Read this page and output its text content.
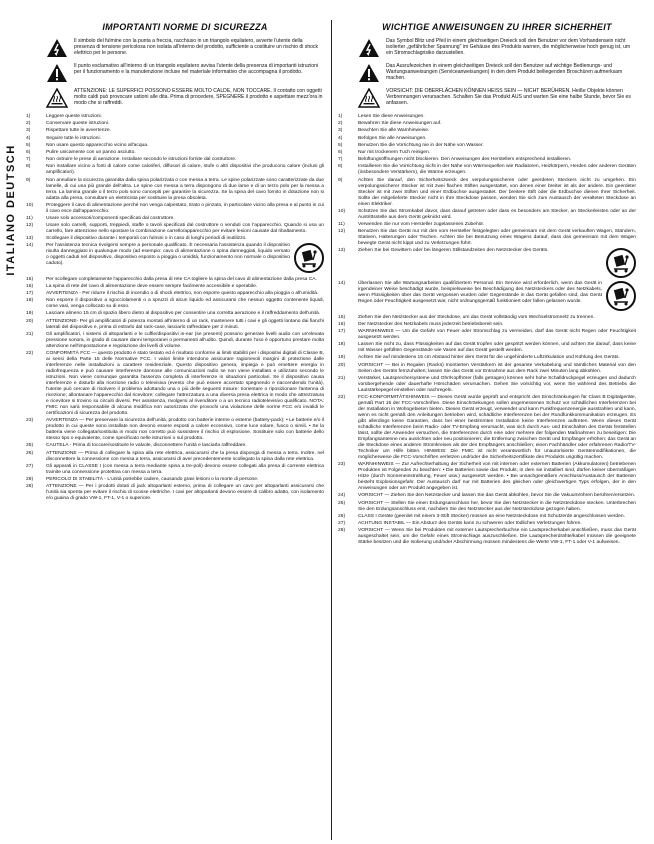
ITALIANO DEUTSCH
IMPORTANTI NORME DI SICUREZZA
Il simbolo del fulmine con la punta a freccia, racchiuso in un triangolo equilatero, avverte l'utente della presenza di tensione pericolosa non isolata all'interno del prodotto, sufficiente a costituire un rischio di shock elettrico per le persone.
Il punto esclamativo all'interno di un triangolo equilatero avvisa l'utente della presenza di importanti istruzioni per il funzionamento e la manutenzione incluse nel materiale informativo che accompagna il prodotto.
ATTENZIONE: LE SUPERFICI POSSONO ESSERE MOLTO CALDE, NON TOCCARE. Il contatto con oggetti molto caldi può provocare ustioni alle dita. Prima di procedere, SPEGNERE il prodotto e aspettare mezz'ora in modo che si raffreddi.
1)	Leggere queste istruzioni.
2)	Conservare queste istruzioni.
3)	Rispettare tutte le avvertenze.
4)	Seguire tutte le istruzioni.
5)	Non usare questo apparecchio vicino all'acqua.
6)	Pulire unicamente con un panno asciutto.
7)	Non ostruire le prese di aerazione. Installare secondo le istruzioni fornite dal costruttore.
8)	Non installare vicino a fonti di calore come caloriferi, diffusori di calore, stufe o altri dispositivi che producono calore (inclusi gli amplificatori).
9)	Non annullare la sicurezza garantita dalla spina polarizzata o con messa a terra. Le spine polarizzate sono caratterizzate da due lamelle, di cui una più grande dell'altra. Le spine con messa a terra dispongono di due lame e di un terzo polo per la messa a terra. La lamina grande o il terzo polo sono concepiti per garantire la sicurezza. Se la spina del cavo fornito in dotazione non si adatta alla presa, consultare un elettricista per sostituire la presa obsoleta.
10)	Proteggere il cavo di alimentazione perché non venga calpestato, tirato o pinzato, in particolare vicino alla presa e al punto in cui il cavo esce dall'apparecchio.
11)	Usare solo accessori/componenti specificati dal costruttore.
12)	Usare solo carrelli, supporti, treppiedi, staffe o tavoli specificati dal costruttore o venduti con l'apparecchio. Quando si usa un carrello, fare attenzione nello spostare la combinazione carrello/apparecchio per evitare lesioni causate dal ribaltamento.
13)	Scollegare il dispositivo durante i temporali con fulmini o in caso di lunghi periodi di inutilizzo.
14)	Per l'assistenza tecnica rivolgersi sempre a personale qualificato. È necessaria l'assistenza quando il dispositivo risulta danneggiato in qualunque modo (ad esempio: cavo di alimentazione o spina danneggiati, liquido versato o oggetti caduti nel dispositivo, dispositivo esposto a pioggia o umidità, funzionamento non normale o dispositivo caduto).
15)	Per scollegare completamente l'apparecchio dalla presa di rete CA togliere la spina del cavo di alimentazione dalla presa CA.
16)	La spina di rete del cavo di alimentazione deve essere sempre facilmente accessibile e operabile.
17)	AVVERTENZA - Per ridurre il rischio di incendio o di shock elettrico, non esporre questo apparecchio alla pioggia o all'umidità.
18)	Non esporre il dispositivo a sgocciolamenti o a spruzzi di alcun liquido ed assicurarsi che nessun oggetto contenente liquidi, come vasi, venga collocato su di esso.
19)	Lasciare almeno 15 cm di spazio libero dietro al dispositivo per consentire una corretta aerazione e il raffreddamento dell'unità.
20)	ATTENZIONE- Per gli amplificatori di potenza montati all'interno di un rack, mantenere tutti i cavi e gli oggetti lontano dai fianchi laterali del dispositivo e, prima di estrarlo dal rack-case, lasciarlo raffreddare per 2 minuti.
21)	Gli amplificatori, i sistemi di altoparlanti e le cuffie/dispositivi in-ear (se presenti) possono generare livelli audio con un'elevata pressione sonora, in grado di causare danni temporanei o permanenti all'udito. Quindi, durante l'uso è opportuno prestare molta attenzione nell'impostazione e regolazione dei livelli di volume.
22)	CONFORMITÀ FCC — questo prodotto è stato testato ed è risultato conforme ai limiti stabiliti per i dispositivi digitali di Classe B, ai sensi della Parte 15 delle Normative FCC. I valori limite intendono assicurare ragionevoli margini di protezione dalle interferenze nelle installazioni a carattere residenziale. Questo dispositivo genera, impiega e può emettere energia in radiofrequenza e può causare interferenze dannose alle comunicazioni radio se non viene installato e utilizzato secondo le istruzioni. Non viene comunque garantita l'assenza completa di interferenze in situazioni particolari. Se il dispositivo causa interferenze e disturbi alla ricezione radio o televisiva (evento che può essere accertato spegnendo e riaccendendo l'unità), l'utente può cercare di risolvere il problema adottando una o più delle seguenti misure: riorientare o riposizionare l'antenna di ricezione; allontanare l'apparecchio dal ricevitore; collegare l'attrezzatura a una diversa presa elettrica in modo che attrezzatura e ricevitore si trovino su circuiti diversi. Per assistenza, rivolgersi al rivenditore o a un tecnico radiotelevisivo qualificato. NOTA: FMIC non sarà responsabile di alcuna modifica non autorizzata che provochi una violazione delle norme FCC e/o invalidi le certificazioni di sicurezza del prodotto.
23)	AVVERTENZA — Per preservare la sicurezza dell'unità, prodotto con batterie interne o esterne (battery-pack): • Le batterie e/o il prodotto in cui queste sono installate non devono essere esposti a calore eccessivo, come luce solare, fuoco o simili. • Se la batteria viene collegata/sostituita in modo non corretto può sussistere il rischio di esplosione. Sostituire solo con batterie dello stesso tipo o equivalente, come specificato nelle istruzioni o sul prodotto.
25)	CAUTELA - Prima di toccare/sostituire le valvole, disconnettere l'unità e lasciarla raffreddare.
26)	ATTENZIONE — Prima di collegare la spina alla rete elettrica, assicurarsi che la presa disponga di messa a terra. Inoltre, nel disconnettere la connessione con messa a terra, assicurarsi di aver precedentemente scollegato la spina dalla rete elettrica.
27)	Gli apparati in CLASSE I (con messa a terra mediante spina a tre-poli) devono essere collegati alla presa di corrente elettrica tramite una connessione protettiva con messa a terra.
28)	PERICOLO DI STABILITÀ - L'unità potrebbe cadere, causando gravi lesioni o la morte di persone.
28)	ATTENZIONE — Per i prodotti dotati di jack altoparlanti esterno, prima di collegare un cavo per altoparlanti assicurarsi che l'unità sia spenta per evitare il rischio di scosse elettriche. I cavi per altoparlanti devono essere di calibro adatto, con isolamento e/o guaina di grado VW-1, FT-1, V-1 o superiore.
WICHTIGE ANWEISUNGEN ZU IHRER SICHERHEIT
Das Symbol Blitz und Pfeil in einem gleichseitigen Dreieck soll den Benutzer vor dem Vorhandensein nicht isolierter „gefährlicher Spannung" im Gehäuse des Produkts warnen, die möglicherweise hoch genug ist, um ein Stromschlagrisiko darzustellen.
Das Ausrufezeichen in einem gleichseitigen Dreieck soll den Benutzer auf wichtige Bedienungs- und Wartungsanweisungen (Serviceanweisungen) in den dem Produkt beiliegenden Broschüren aufmerksam machen.
VORSICHT: DIE OBERFLÄCHEN KÖNNEN HEISS SEIN — NICHT BERÜHREN. Heiße Objekte können Verbrennungen verursachen. Schalten Sie das Produkt AUS und warten Sie eine halbe Stunde, bevor Sie es anfassen.
1)	Lesen Sie diese Anweisungen.
2)	Bewahren Sie diese Anweisungen auf.
3)	Beachten Sie alle Warnhinweise.
4)	Befolgen Sie alle Anweisungen.
5)	Benutzen Sie die Vorrichtung nie in der Nähe von Wasser.
6)	Nur mit trockenem Tuch reinigen.
7)	Belüftungsöffnungen nicht blockieren. Den Anweisungen des Herstellers entsprechend installieren.
8)	Installieren Sie die Vorrichtung nicht in der Nähe von Wärmequellen wie Radiatoren, Heizkörpern, Herden oder anderen Geräten (insbesondere Verstärkern), die Wärme erzeugen.
9)	Achten Sie darauf, den Sicherheitszweck des verpolungssicheren oder geerdeten Steckers nicht zu umgehen. Ein verpolungssicherer Stecker ist mit zwei flachen Stiften ausgestattet, von denen einer breiter ist als der andere. Ein geerdeter Stecker ist mit zwei Stiften und einer Erdbuchse ausgestattet. Der breitere Stift oder die Erdbuchse dienen Ihrer Sicherheit. Sollte der mitgelieferte Stecker nicht in Ihre Steckdose passen, wenden Sie sich zum Austausch der veralteten Steckdose an einen Elektriker.
10)	Schützen Sie das Stromkabel davor, dass darauf getreten oder dass es besonders am Stecker, an Steckerleisten oder an der Austrittsstelle aus dem Gerät geknickt wird.
11)	Verwenden Sie nur vom Hersteller zugelassenes Zubehör.
12)	Benutzen Sie das Gerät nur mit den vom Hersteller festgelegten oder gemeinsam mit dem Gerät verkauften Wagen, Ständern, Stativen, Halterungen oder Tischen. Achten Sie bei Benutzung eines Wagens darauf, dass das gemeinsam mit dem Wagen bewegte Gerät nicht kippt und zu Verletzungen führt.
13)	Ziehen Sie bei Gewittern oder bei längeren Stillstandzeiten den Netzstecker des Geräts.
14)	Überlassen Sie alle Wartungsarbeiten qualifiziertem Personal. Ein Service wird erforderlich, wenn das Gerät in irgendeiner Weise beschädigt wurde, beispielsweise bei Beschädigung des Netzsteckers oder des Netzkabels, wenn Flüssigkeiten über das Gerät vergossen wurden oder Gegenstände in das Gerät gefallen sind, das Gerät Regen oder Feuchtigkeit ausgesetzt war, nicht ordnungsgemäß funktioniert oder fallen gelassen wurde.
15)	Ziehen Sie den Netzstecker aus der Steckdose, um das Gerät vollständig vom Wechselstromnetz zu trennen.
16)	Der Netzstecker des Netzkabels muss jederzeit betriebsbereit sein.
17)	WARNHINWEIS — Um die Gefahr von Feuer oder Stromschlag zu vermeiden, darf das Gerät nicht Regen oder Feuchtigkeit ausgesetzt werden.
18)	Lassen Sie nicht zu, dass Flüssigkeiten auf das Gerät tropfen oder gespritzt werden können, und achten Sie darauf, dass keine mit Wasser gefüllten Gegenstände wie Vasen auf das Gerät gestellt werden.
19)	Achten Sie auf mindestens 15 cm Abstand hinter dem Gerät für die ungehinderte Luftzirkulation und Kühlung des Geräts.
20)	VORSICHT — Bei in Regalen (Racks) montierten Verstärkern ist der gesamte Verkabelung und sämtliches Material von den Seiten des Geräts fernzuhalten; lassen Sie das Gerät vor Entnahme aus dem Rack zwei Minuten lang abkühlen.
21)	Verstärker, Lautsprechersysteme und Ohr/Kopfhörer (falls getragen) können sehr hohe Schalldruckpegel erzeugen und dadurch vorübergehende oder dauerhafte Hörschäden verursachen. Gehen Sie vorsichtig vor, wenn Sie während des Betriebs die Lautstärkepegel einstellen oder nachregeln.
22)	FCC-KONFORMITÄTSHINWEIS — Dieses Gerät wurde geprüft und entspricht den Einschränkungen für Class B Digitalgeräte, gemäß Part 15 der FCC-Vorschriften. Diese Einschränkungen sollen angemessenen Schutz vor schädlichen Interferenzen bei der Installation in Wohngebieten bieten. Dieses Gerät erzeugt, verwendet und kann Funkfrequenzenergie ausstrahlen und kann, wenn es nicht gemäß den Anleitungen betrieben wird, schädliche Interferenzen bei der Rundfunkkommunikation erzeugen. Es gibt allerdings keine Garantien, dass bei einer bestimmten Installation keine Interferenzen auftreten. Wenn dieses Gerät schädliche Interferenzen beim Radio- oder TV-Empfang verursacht, was sich durch Aus- und Einschalten des Geräts feststellen lässt, sollte der Anwender versuchen, die Interferenzen durch eine oder mehrere der folgenden Maßnahmen zu beseitigen: Die Empfangsantenne neu ausrichten oder neu positionieren; die Entfernung zwischen Gerät und Empfänger erhöhen; das Gerät an die Steckdose eines anderen Stromkreises als der des Empfängers anschließen; einen Fachhändler oder erfahrenen Radio/TV-Techniker um Hilfe bitten. HINWEIS: Die FMIC ist nicht verantwortlich für unautorisierte Gerätemodifikationen, die möglicherweise die FCC-Vorschriften verletzen und/oder die Sicherheitszertifikate des Produkts ungültig machen.
23)	WARNHINWEIS — Zur Aufrechterhaltung der Sicherheit von mit internen oder externen Batterien (Akkumulatoren) betriebenen Produkten ist Folgendes zu beachten: • Die Batterien sowie das Produkt, in dem sie installiert sind, dürfen keiner übermäßigen Hitze (durch Sonneneinstrahlung, Feuer usw.) ausgesetzt werden. • Bei unsachgemäßem Anschluss/Austausch der Batterien besteht Explosionsgefahr. Der Austausch darf nur mit Batterien des gleichen oder gleichwertigen Typs erfolgen, der in den Anweisungen oder am Produkt angegeben ist.
24)	VORSICHT — Ziehen Sie den Netzstecker und lassen Sie das Gerät abkühlen, bevor Sie die Vakuumröhren berühren/ersetzen.
25)	VORSICHT — Stellen Sie einen Erdungsanschluss her, bevor Sie den Netzstecker in die Netzsteckdose stecken. Unterbrechen Sie den Erdungsanschluss erst, nachdem Sie den Netzstecker aus der Netzsteckdose gezogen haben.
26)	CLASS I Geräte (geerdet mit einem 3-Stift Stecker) müssen an eine Netzsteckdose mit Schutzerde angeschlossen werden.
27)	ACHTUNG INSTABIL — Ein Absturz des Geräts kann zu schweren oder tödlichen Verletzungen führen.
28)	VORSICHT — Wenn Sie bei Produkten mit externer Lautsprecherbuchse ein Lautsprecherkabel anschließen, muss das Gerät ausgeschaltet sein, um die Gefahr eines Stromschlags auszuschließen. Die Lautsprecherdrähte/kabel müssen die geeignete Stärke besitzen und die Isolierung und/oder Abschirmung müssen mindestens die Werte VW-1, FT-1 oder V-1 aufweisen.
